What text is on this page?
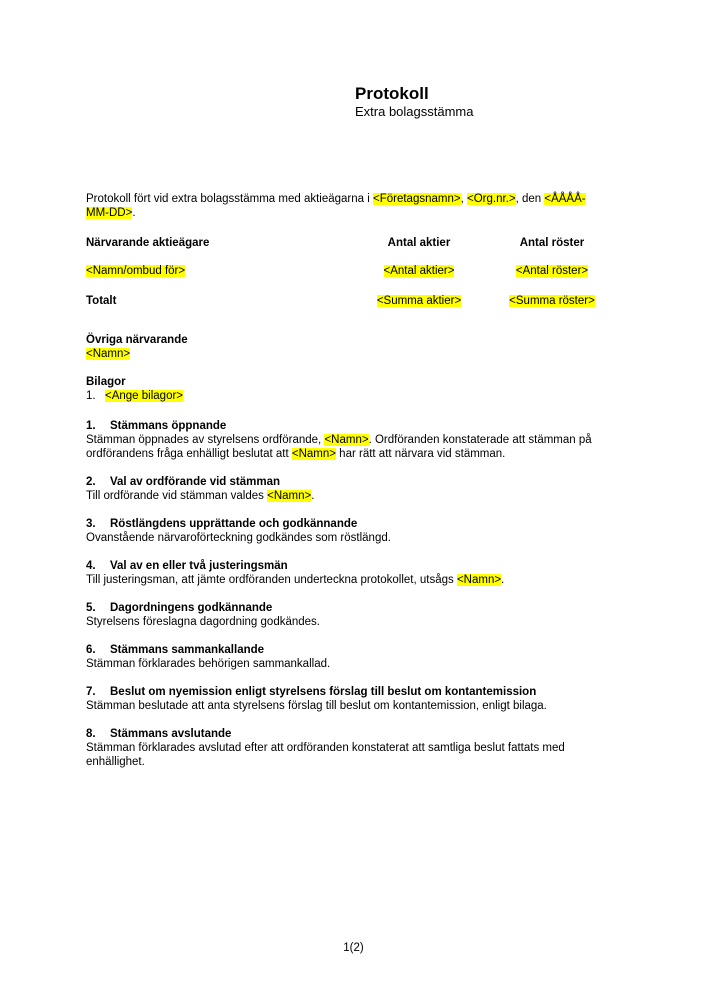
Protokoll
Extra bolagsstämma

Protokoll fört vid extra bolagsstämma med aktieägarna i <Företagsnamn>, <Org.nr.>, den <ÅÅÅÅ-
MM-DD>.

Närvarande aktieägare	Antal aktier	Antal röster
<Namn/ombud för>	<Antal aktier>	<Antal röster>
Totalt	<Summa aktier>	<Summa röster>
Övriga närvarande
<Namn>
Bilagor
1. <Ange bilagor>
1. Stämmans öppnande

Stämman öppnades av styrelsens ordförande, <Namn>. Ordföranden konstaterade att stämman på ordförandens fråga enhälligt beslutat att <Namn> har rätt att närvara vid stämman.

2. Val av ordförande vid stämman

Till ordförande vid stämman valdes <Namn>.

3. Röstlängdens upprättande och godkännande

Ovanstående närvaroförteckning godkändes som röstlängd.

4. Val av en eller två justeringsmän

Till justeringsman, att jämte ordföranden underteckna protokollet, utsågs <Namn>.

5. Dagordningens godkännande

Styrelsens föreslagna dagordning godkändes.

6. Stämmans sammankallande

Stämman förklarades behörigen sammankallad.

7. Beslut om nyemission enligt styrelsens förslag till beslut om kontantemission

Stämman beslutade att anta styrelsens förslag till beslut om kontantemission, enligt bilaga.

8. Stämmans avslutande

Stämman förklarades avslutad efter att ordföranden konstaterat att samtliga beslut fattats med enhällighet.

1(2)
